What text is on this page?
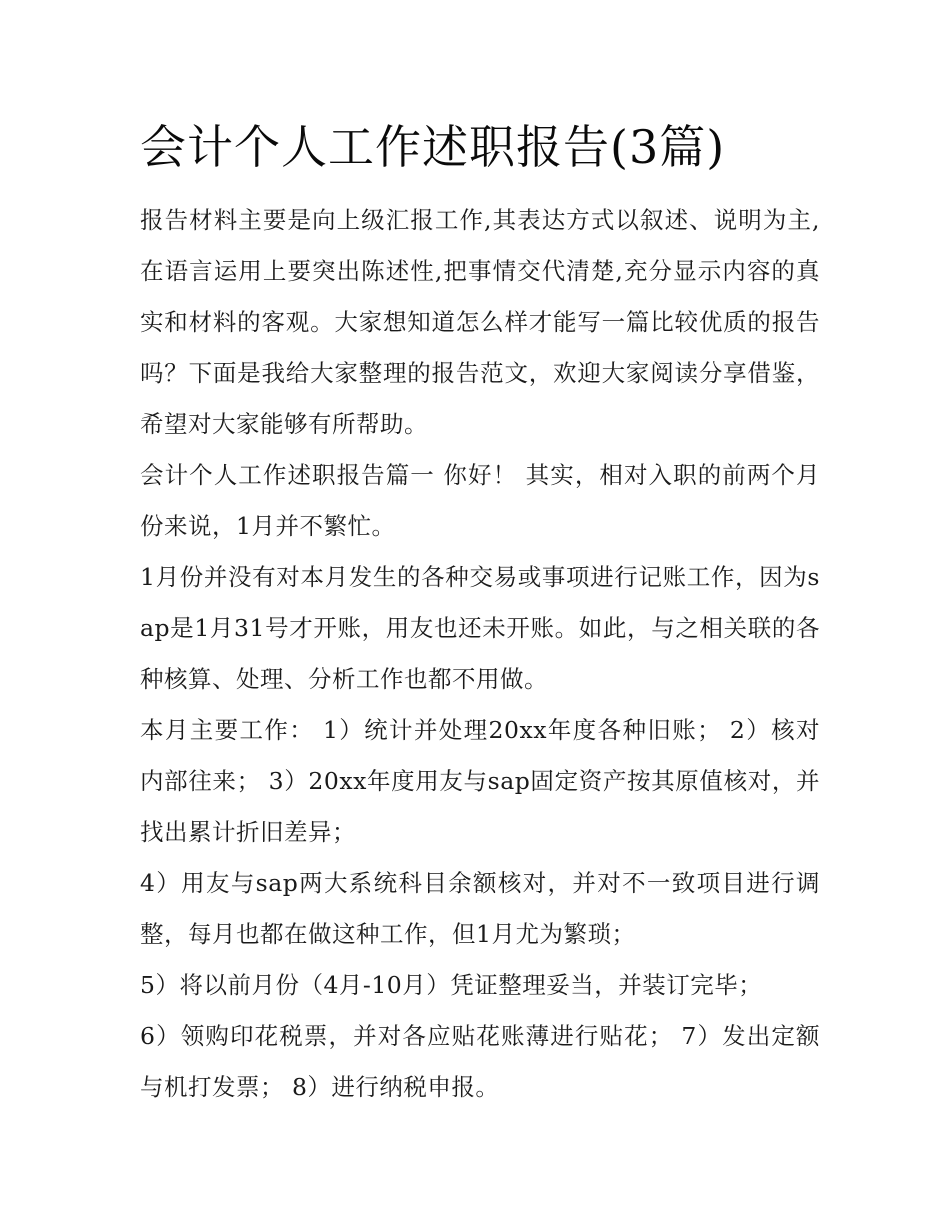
会计个人工作述职报告(3篇)

报告材料主要是向上级汇报工作,其表达方式以叙述、说明为主,在语言运用上要突出陈述性,把事情交代清楚,充分显示内容的真实和材料的客观。大家想知道怎么样才能写一篇比较优质的报告吗？下面是我给大家整理的报告范文，欢迎大家阅读分享借鉴，希望对大家能够有所帮助。

会计个人工作述职报告篇一 你好！ 其实，相对入职的前两个月份来说，1月并不繁忙。

1月份并没有对本月发生的各种交易或事项进行记账工作，因为sap是1月31号才开账，用友也还未开账。如此，与之相关联的各种核算、处理、分析工作也都不用做。

本月主要工作： 1）统计并处理20xx年度各种旧账； 2）核对内部往来； 3）20xx年度用友与sap固定资产按其原值核对，并找出累计折旧差异；

4）用友与sap两大系统科目余额核对，并对不一致项目进行调整，每月也都在做这种工作，但1月尤为繁琐；

5）将以前月份（4月-10月）凭证整理妥当，并装订完毕；

6）领购印花税票，并对各应贴花账薄进行贴花； 7）发出定额与机打发票； 8）进行纳税申报。
